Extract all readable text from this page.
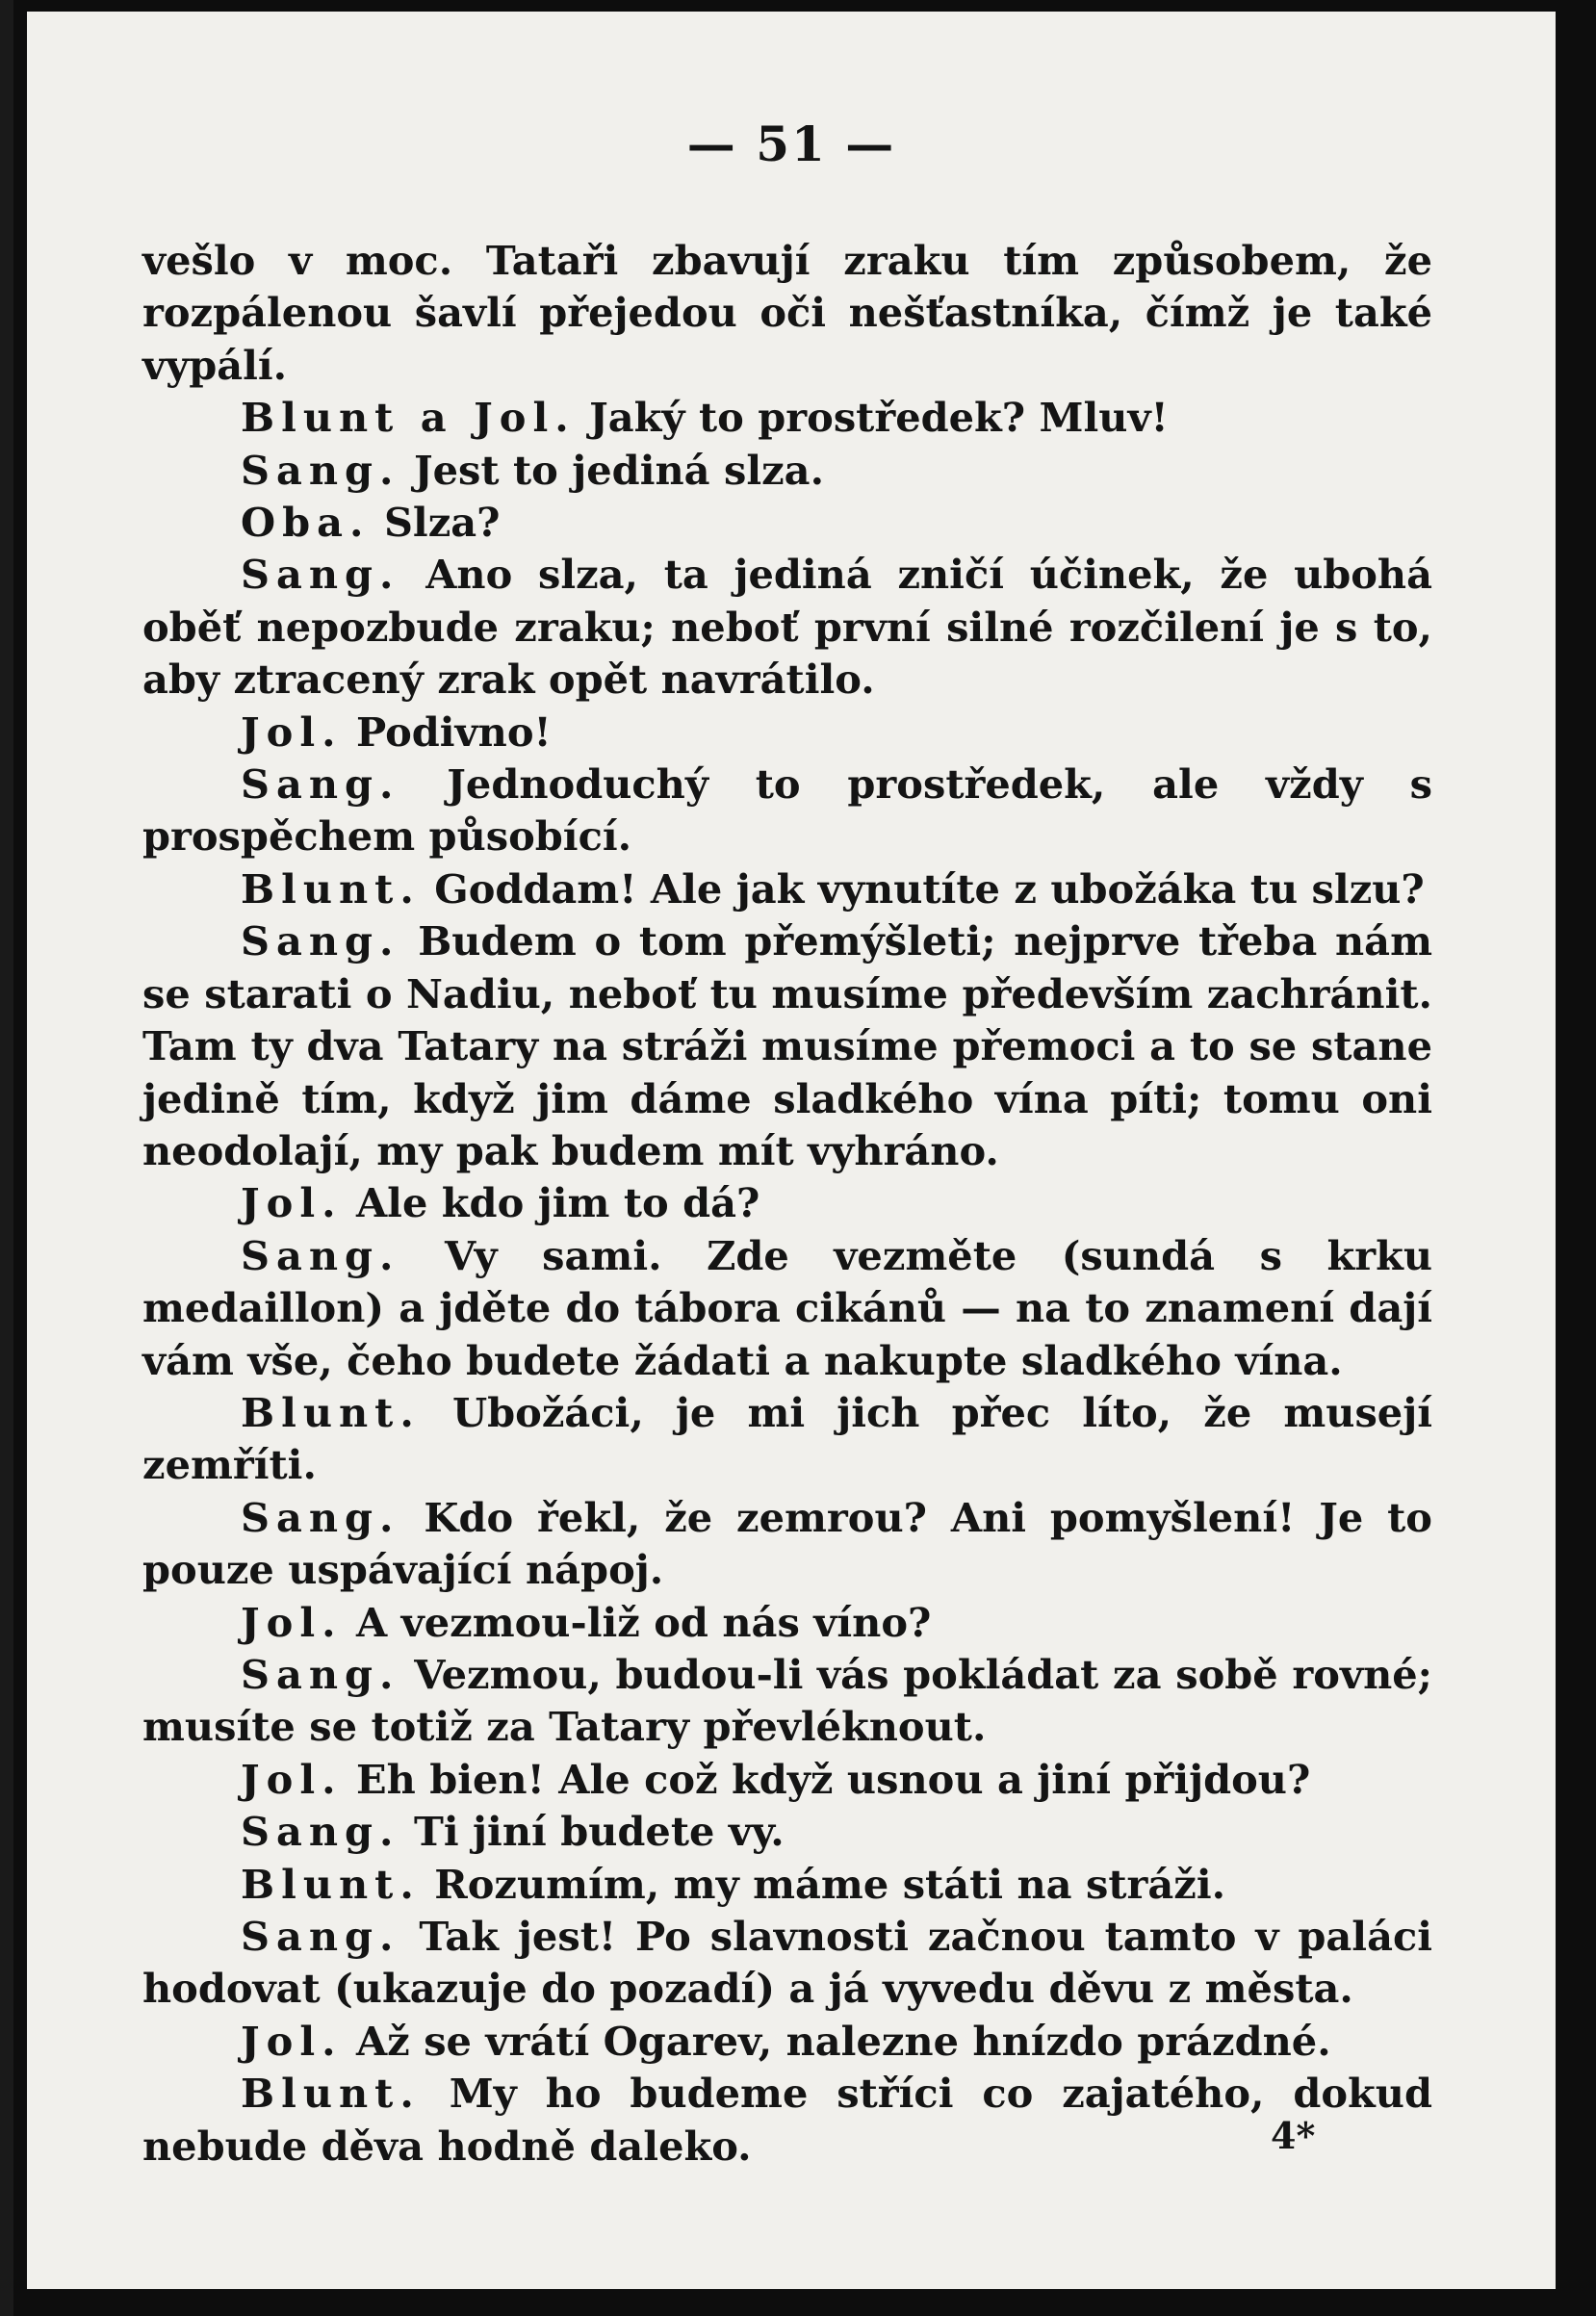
— 51 —

vešlo v moc. Tataři zbavují zraku tím způsobem, že rozpálenou šavlí přejedou oči nešťastníka, čímž je také vypálí.

Blunt a Jol. Jaký to prostředek? Mluv!

Sang. Jest to jediná slza.

Oba. Slza?

Sang. Ano slza, ta jediná zničí účinek, že ubohá oběť nepozbude zraku; neboť první silné rozčilení je s to, aby ztracený zrak opět navrátilo.

Jol. Podivno!

Sang. Jednoduchý to prostředek, ale vždy s prospěchem působící.

Blunt. Goddam! Ale jak vynutíte z ubožáka tu slzu?

Sang. Budem o tom přemýšleti; nejprve třeba nám se starati o Nadiu, neboť tu musíme především zachránit. Tam ty dva Tatary na stráži musíme přemoci a to se stane jedině tím, když jim dáme sladkého vína píti; tomu oni neodolají, my pak budem mít vyhráno.

Jol. Ale kdo jim to dá?

Sang. Vy sami. Zde vezměte (sundá s krku medaillon) a jděte do tábora cikánů — na to znamení dají vám vše, čeho budete žádati a nakupte sladkého vína.

Blunt. Ubožáci, je mi jich přec líto, že musejí zemříti.

Sang. Kdo řekl, že zemrou? Ani pomyšlení! Je to pouze uspávající nápoj.

Jol. A vezmou-liž od nás víno?

Sang. Vezmou, budou-li vás pokládat za sobě rovné; musíte se totiž za Tatary převléknout.

Jol. Eh bien! Ale což když usnou a jiní přijdou?

Sang. Ti jiní budete vy.

Blunt. Rozumím, my máme státi na stráži.

Sang. Tak jest! Po slavnosti začnou tamto v paláci hodovat (ukazuje do pozadí) a já vyvedu děvu z města.

Jol. Až se vrátí Ogarev, nalezne hnízdo prázdné.

Blunt. My ho budeme stříci co zajatého, dokud nebude děva hodně daleko.	4*
